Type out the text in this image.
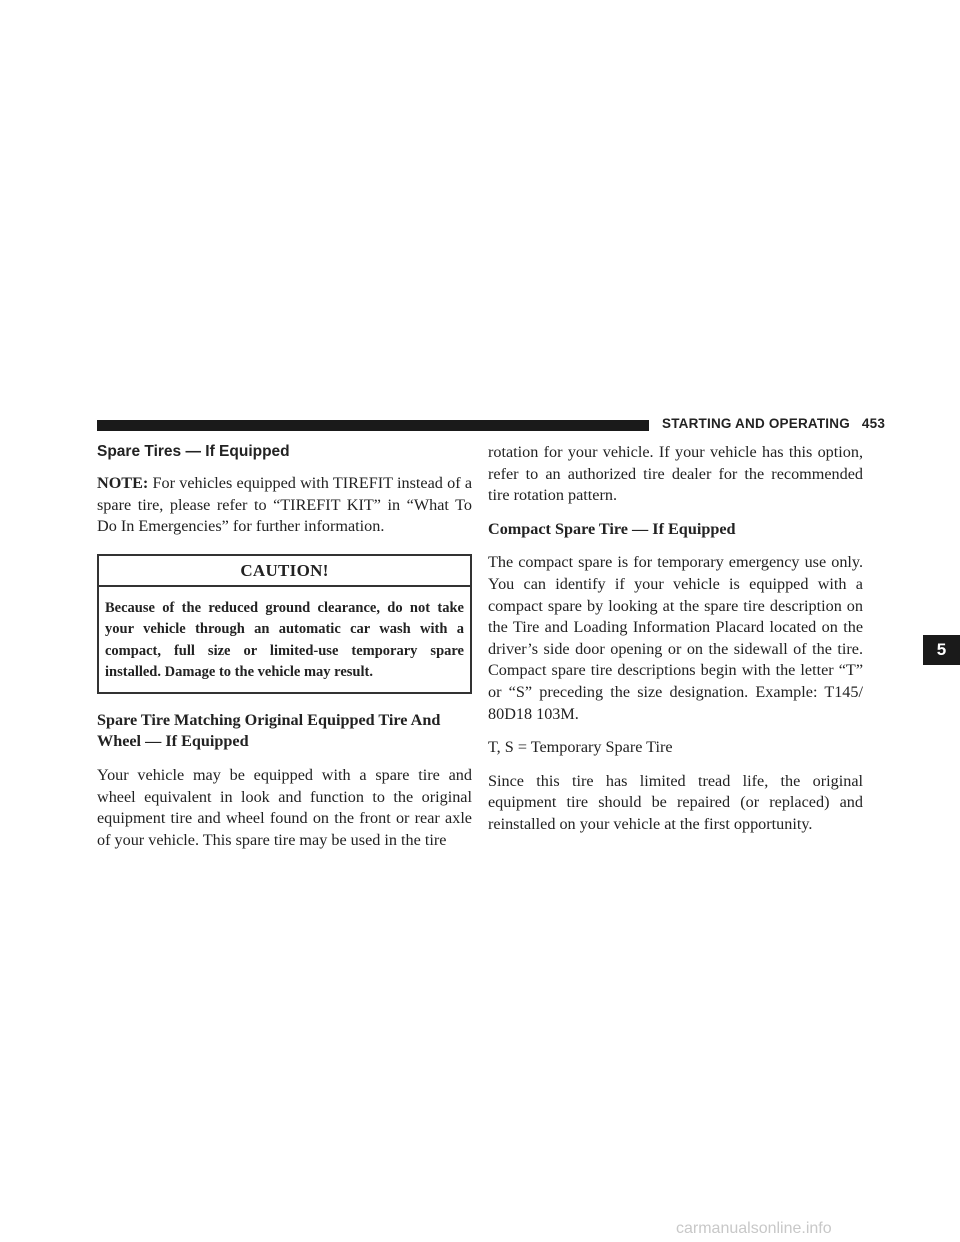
STARTING AND OPERATING 453
Spare Tires — If Equipped

NOTE: For vehicles equipped with TIREFIT instead of a spare tire, please refer to “TIREFIT KIT” in “What To Do In Emergencies” for further information.

CAUTION!
Because of the reduced ground clearance, do not take your vehicle through an automatic car wash with a compact, full size or limited-use temporary spare installed. Damage to the vehicle may result.
Spare Tire Matching Original Equipped Tire And Wheel — If Equipped

Your vehicle may be equipped with a spare tire and wheel equivalent in look and function to the original equipment tire and wheel found on the front or rear axle of your vehicle. This spare tire may be used in the tire

rotation for your vehicle. If your vehicle has this option, refer to an authorized tire dealer for the recommended tire rotation pattern.

Compact Spare Tire — If Equipped

The compact spare is for temporary emergency use only. You can identify if your vehicle is equipped with a compact spare by looking at the spare tire description on the Tire and Loading Information Placard located on the driver’s side door opening or on the sidewall of the tire. Compact spare tire descriptions begin with the letter “T” or “S” preceding the size designation. Example: T145/ 80D18 103M.

T, S = Temporary Spare Tire

Since this tire has limited tread life, the original equipment tire should be repaired (or replaced) and reinstalled on your vehicle at the first opportunity.

5
carmanualsonline.info
